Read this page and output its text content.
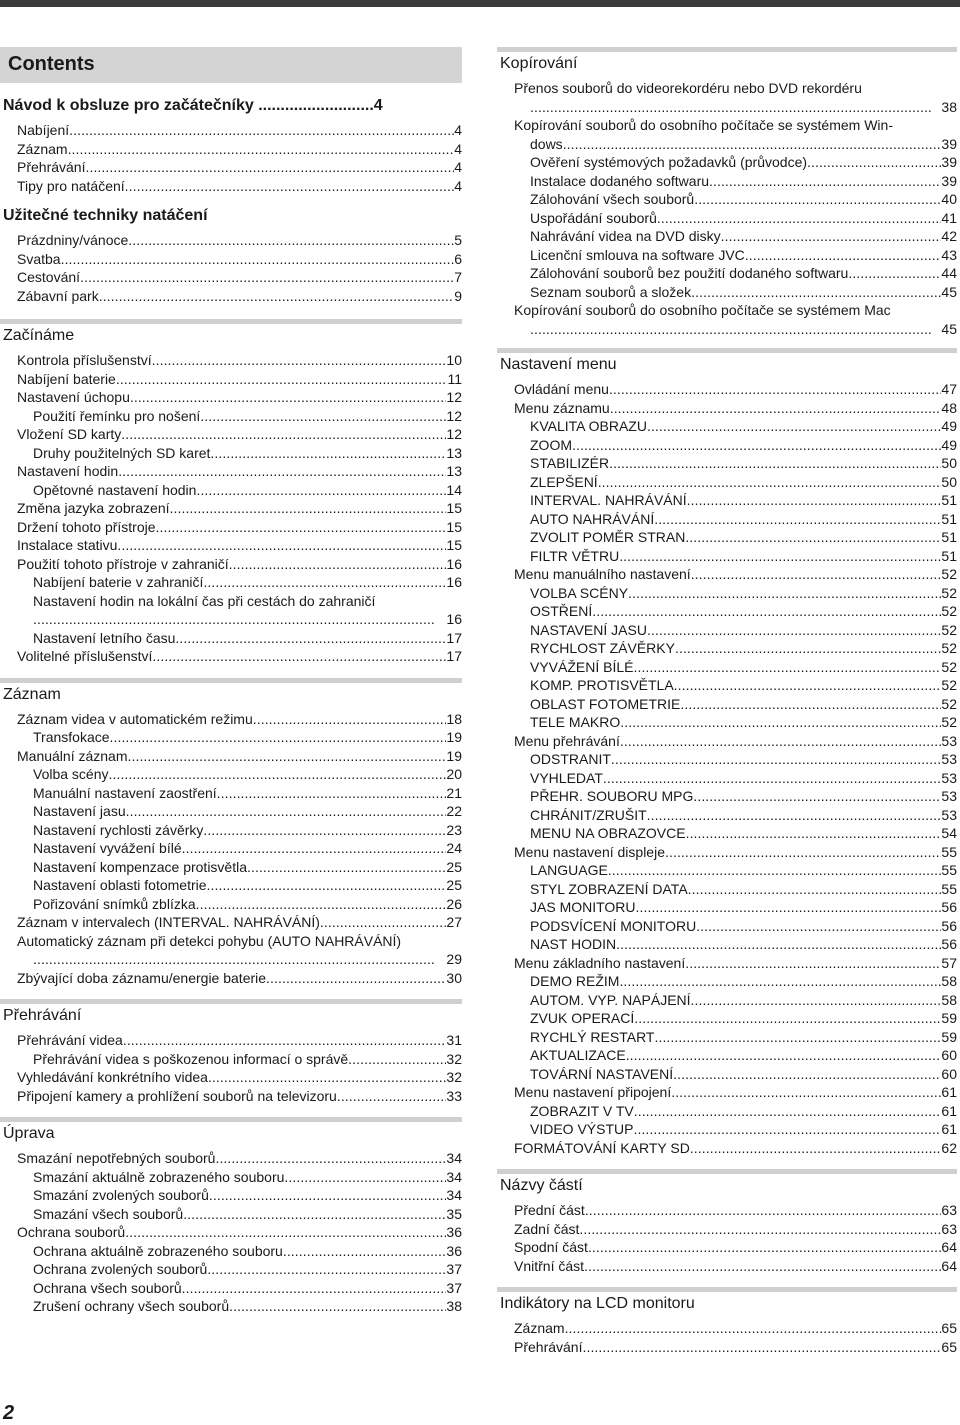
Contents
Návod k obsluze pro začátečníky ..........................4
Nabíjení . . .	4
Záznam . . .	4
Přehrávání . . .	4
Tipy pro natáčení . . .	4
Užitečné techniky natáčení
Prázdniny/vánoce . . .	5
Svatba . . .	6
Cestování . . .	7
Zábavní park . . .	9
Začínáme
Kontrola příslušenství . . .	10
Nabíjení baterie . . .	11
Nastavení úchopu . . .	12
Použití řemínku pro nošení . . .	12
Vložení SD karty . . .	12
Druhy použitelných SD karet . . .	13
Nastavení hodin . . .	13
Opětovné nastavení hodin . . .	14
Změna jazyka zobrazení . . .	15
Držení tohoto přístroje . . .	15
Instalace stativu . . .	15
Použití tohoto přístroje v zahraničí . . .	16
Nabíjení baterie v zahraničí . . .	16
Nastavení hodin na lokální čas při cestách do zahraničí
. . .
16
Nastavení letního času . . .	17
Volitelné příslušenství . . .	17
Záznam
Záznam videa v automatickém režimu . . .	18
Transfokace . . .	19
Manuální záznam . . .	19
Volba scény . . .	20
Manuální nastavení zaostření . . .	21
Nastavení jasu . . .	22
Nastavení rychlosti závěrky . . .	23
Nastavení vyvážení bílé . . .	24
Nastavení kompenzace protisvětla . . .	25
Nastavení oblasti fotometrie . . .	25
Pořizování snímků zblízka . . .	26
Záznam v intervalech (INTERVAL. NAHRÁVÁNÍ) . . .	27
Automatický záznam při detekci pohybu (AUTO NAHRÁVÁNÍ)
. . .
29
Zbývající doba záznamu/energie baterie . . .	30
Přehrávání
Přehrávání videa . . .	31
Přehrávání videa s poškozenou informací o správě . . .	32
Vyhledávání konkrétního videa . . .	32
Připojení kamery a prohlížení souborů na televizoru . . .	33
Úprava
Smazání nepotřebných souborů . . .	34
Smazání aktuálně zobrazeného souboru . . .	34
Smazání zvolených souborů . . .	34
Smazání všech souborů . . .	35
Ochrana souborů . . .	36
Ochrana aktuálně zobrazeného souboru . . .	36
Ochrana zvolených souborů . . .	37
Ochrana všech souborů . . .	37
Zrušení ochrany všech souborů . . .	38
Kopírování
Přenos souborů do videorekordéru nebo DVD rekordéru
. . .
38
Kopírování souborů do osobního počítače se systémem Win-
dows . . .	39
Ověření systémových požadavků (průvodce) . . .	39
Instalace dodaného softwaru . . .	39
Zálohování všech souborů . . .	40
Uspořádání souborů . . .	41
Nahrávání videa na DVD disky . . .	42
Licenční smlouva na software JVC . . .	43
Zálohování souborů bez použití dodaného softwaru . . .	44
Seznam souborů a složek . . .	45
Kopírování souborů do osobního počítače se systémem Mac
. . .
45
Nastavení menu
Ovládání menu . . .	47
Menu záznamu . . .	48
KVALITA OBRAZU . . .	49
ZOOM . . .	49
STABILIZÉR . . .	50
ZLEPŠENÍ . . .	50
INTERVAL. NAHRÁVÁNÍ . . .	51
AUTO NAHRÁVÁNÍ . . .	51
ZVOLIT POMĚR STRAN . . .	51
FILTR VĚTRU . . .	51
Menu manuálního nastavení . . .	52
VOLBA SCÉNY . . .	52
OSTŘENÍ . . .	52
NASTAVENÍ JASU . . .	52
RYCHLOST ZÁVĚRKY . . .	52
VYVÁŽENÍ BÍLÉ . . .	52
KOMP. PROTISVĚTLA . . .	52
OBLAST FOTOMETRIE . . .	52
TELE MAKRO . . .	52
Menu přehrávání . . .	53
ODSTRANIT . . .	53
VYHLEDAT . . .	53
PŘEHR. SOUBORU MPG . . .	53
CHRÁNIT/ZRUŠIT . . .	53
MENU NA OBRAZOVCE . . .	54
Menu nastavení displeje . . .	55
LANGUAGE . . .	55
STYL ZOBRAZENÍ DATA . . .	55
JAS MONITORU . . .	56
PODSVÍCENÍ MONITORU . . .	56
NAST HODIN . . .	56
Menu základního nastavení . . .	57
DEMO REŽIM . . .	58
AUTOM. VYP. NAPÁJENÍ . . .	58
ZVUK OPERACÍ . . .	59
RYCHLÝ RESTART . . .	59
AKTUALIZACE . . .	60
TOVÁRNÍ NASTAVENÍ . . .	60
Menu nastavení připojení . . .	61
ZOBRAZIT V TV . . .	61
VIDEO VÝSTUP . . .	61
FORMÁTOVÁNÍ KARTY SD . . .	62
Názvy částí
Přední část . . .	63
Zadní část . . .	63
Spodní část . . .	64
Vnitřní část . . .	64
Indikátory na LCD monitoru
Záznam . . .	65
Přehrávání . . .	65
2
